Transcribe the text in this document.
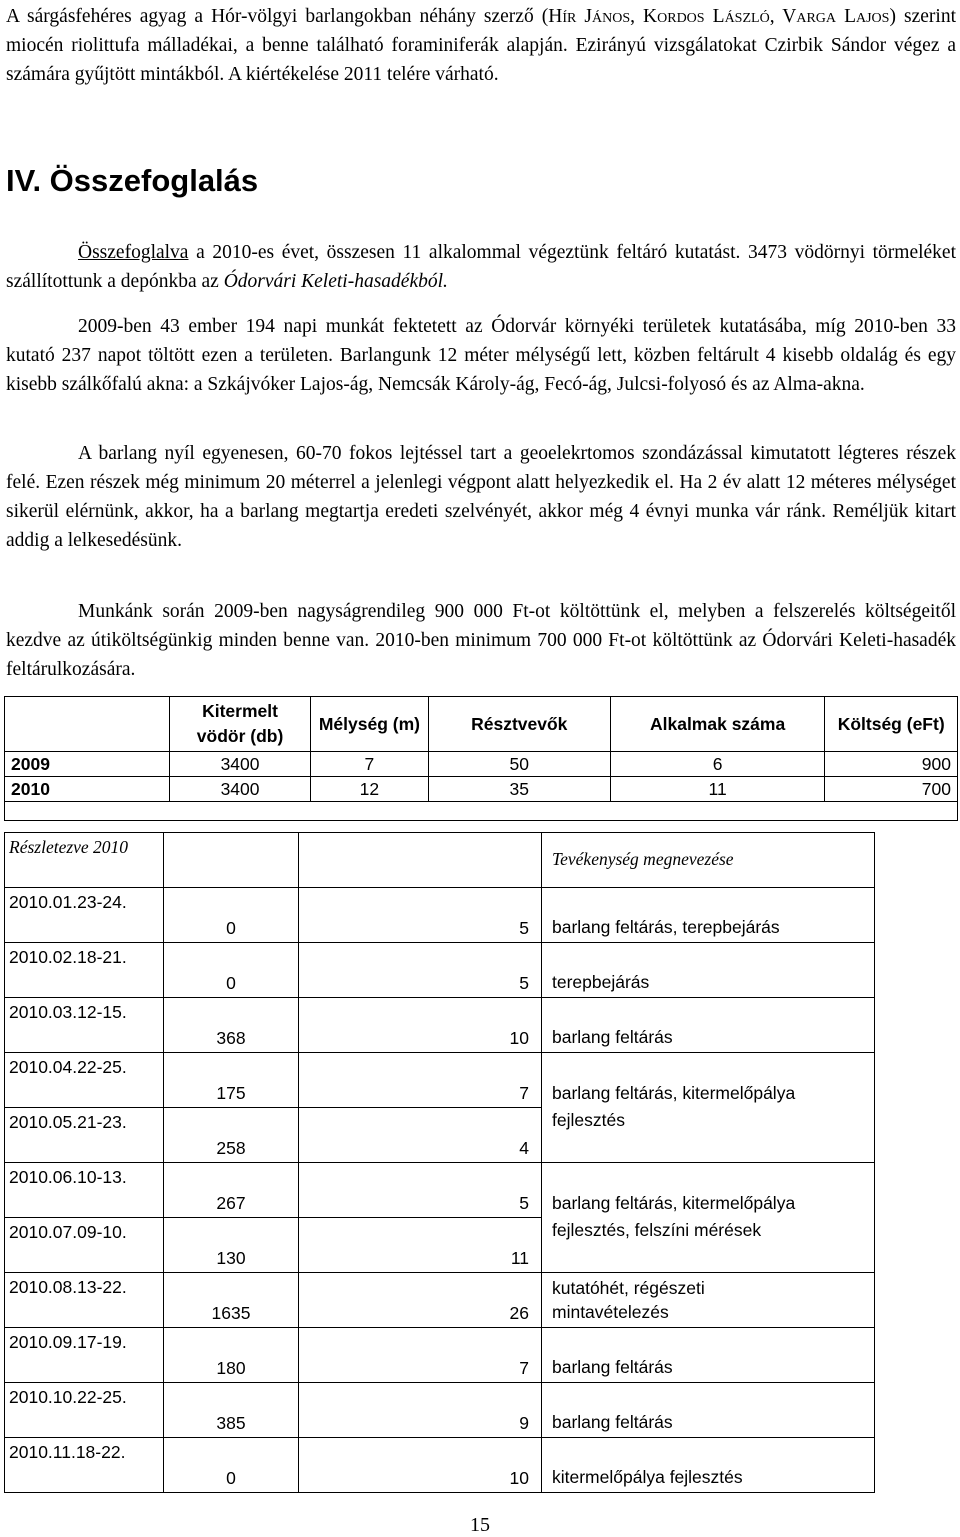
A sárgásfehéres agyag a Hór-völgyi barlangokban néhány szerző (Hír János, Kordos László, Varga Lajos) szerint miocén riolittufa málladékai, a benne található foraminiferák alapján. Ezirányú vizsgálatokat Czirbik Sándor végez a számára gyűjtött mintákból. A kiértékelése 2011 telére várható.

IV. Összefoglalás

Összefoglalva a 2010-es évet, összesen 11 alkalommal végeztünk feltáró kutatást. 3473 vödörnyi törmeléket szállítottunk a depónkba az Ódorvári Keleti-hasadékból.

2009-ben 43 ember 194 napi munkát fektetett az Ódorvár környéki területek kutatásába, míg 2010-ben 33 kutató 237 napot töltött ezen a területen. Barlangunk 12 méter mélységű lett, közben feltárult 4 kisebb oldalág és egy kisebb szálkőfalú akna: a Szkájvóker Lajos-ág, Nemcsák Károly-ág, Fecó-ág, Julcsi-folyosó és az Alma-akna.

A barlang nyíl egyenesen, 60-70 fokos lejtéssel tart a geoelekrtomos szondázással kimutatott légteres részek felé. Ezen részek még minimum 20 méterrel a jelenlegi végpont alatt helyezkedik el. Ha 2 év alatt 12 méteres mélységet sikerül elérnünk, akkor, ha a barlang megtartja eredeti szelvényét, akkor még 4 évnyi munka vár ránk. Reméljük kitart addig a lelkesedésünk.

Munkánk során 2009-ben nagyságrendileg 900 000 Ft-ot költöttünk el, melyben a felszerelés költségeitől kezdve az útiköltségünkig minden benne van. 2010-ben minimum 700 000 Ft-ot költöttünk az Ódorvári Keleti-hasadék feltárulkozására.

	Kitermelt vödör (db)	Mélység (m)	Résztvevők	Alkalmak száma	Költség (eFt)
2009	3400	7	50	6	900
2010	3400	12	35	11	700

Részletezve 2010			Tevékenység megnevezése
2010.01.23-24.	0	5	barlang feltárás, terepbejárás
2010.02.18-21.	0	5	terepbejárás
2010.03.12-15.	368	10	barlang feltárás
2010.04.22-25.	175	7	barlang feltárás, kitermelőpálya
2010.05.21-23.	258	4	fejlesztés
2010.06.10-13.	267	5	barlang feltárás, kitermelőpálya
2010.07.09-10.	130	11	fejlesztés, felszíni mérések
2010.08.13-22.	1635	26	kutatóhét, régészeti mintavételezés
2010.09.17-19.	180	7	barlang feltárás
2010.10.22-25.	385	9	barlang feltárás
2010.11.18-22.	0	10	kitermelőpálya fejlesztés
15
